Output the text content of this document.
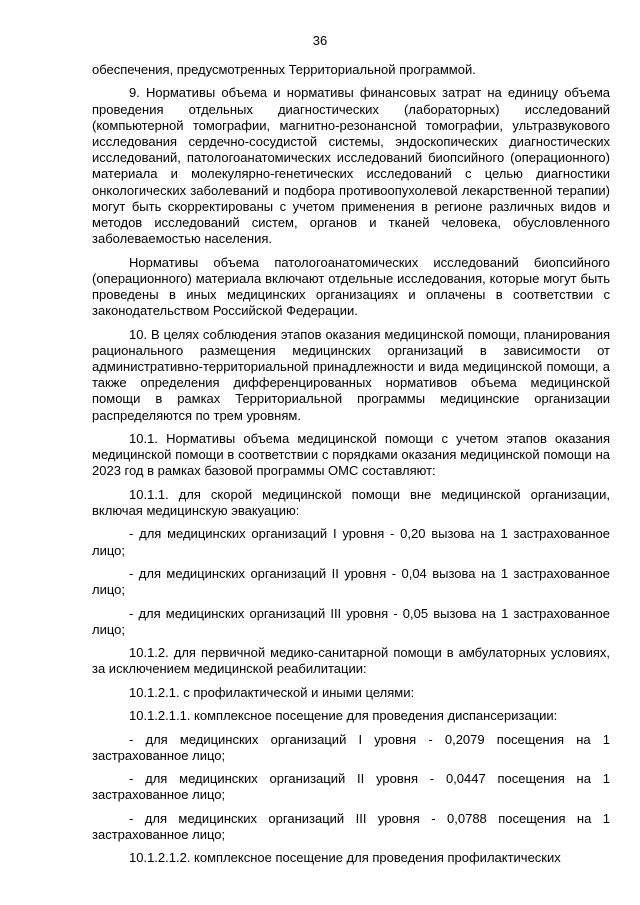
36

обеспечения, предусмотренных Территориальной программой.

9. Нормативы объема и нормативы финансовых затрат на единицу объема проведения отдельных диагностических (лабораторных) исследований (компьютерной томографии, магнитно-резонансной томографии, ультразвукового исследования сердечно-сосудистой системы, эндоскопических диагностических исследований, патологоанатомических исследований биопсийного (операционного) материала и молекулярно-генетических исследований с целью диагностики онкологических заболеваний и подбора противоопухолевой лекарственной терапии) могут быть скорректированы с учетом применения в регионе различных видов и методов исследований систем, органов и тканей человека, обусловленного заболеваемостью населения.

Нормативы объема патологоанатомических исследований биопсийного (операционного) материала включают отдельные исследования, которые могут быть проведены в иных медицинских организациях и оплачены в соответствии с законодательством Российской Федерации.

10. В целях соблюдения этапов оказания медицинской помощи, планирования рационального размещения медицинских организаций в зависимости от административно-территориальной принадлежности и вида медицинской помощи, а также определения дифференцированных нормативов объема медицинской помощи в рамках Территориальной программы медицинские организации распределяются по трем уровням.

10.1. Нормативы объема медицинской помощи с учетом этапов оказания медицинской помощи в соответствии с порядками оказания медицинской помощи на 2023 год в рамках базовой программы ОМС составляют:

10.1.1. для скорой медицинской помощи вне медицинской организации, включая медицинскую эвакуацию:

- для медицинских организаций I уровня - 0,20 вызова на 1 застрахованное лицо;

- для медицинских организаций II уровня - 0,04 вызова на 1 застрахованное лицо;

- для медицинских организаций III уровня - 0,05 вызова на 1 застрахованное лицо;

10.1.2. для первичной медико-санитарной помощи в амбулаторных условиях, за исключением медицинской реабилитации:

10.1.2.1. с профилактической и иными целями:

10.1.2.1.1. комплексное посещение для проведения диспансеризации:

- для медицинских организаций I уровня - 0,2079 посещения на 1 застрахованное лицо;

- для медицинских организаций II уровня - 0,0447 посещения на 1 застрахованное лицо;

- для медицинских организаций III уровня - 0,0788 посещения на 1 застрахованное лицо;

10.1.2.1.2. комплексное посещение для проведения профилактических
